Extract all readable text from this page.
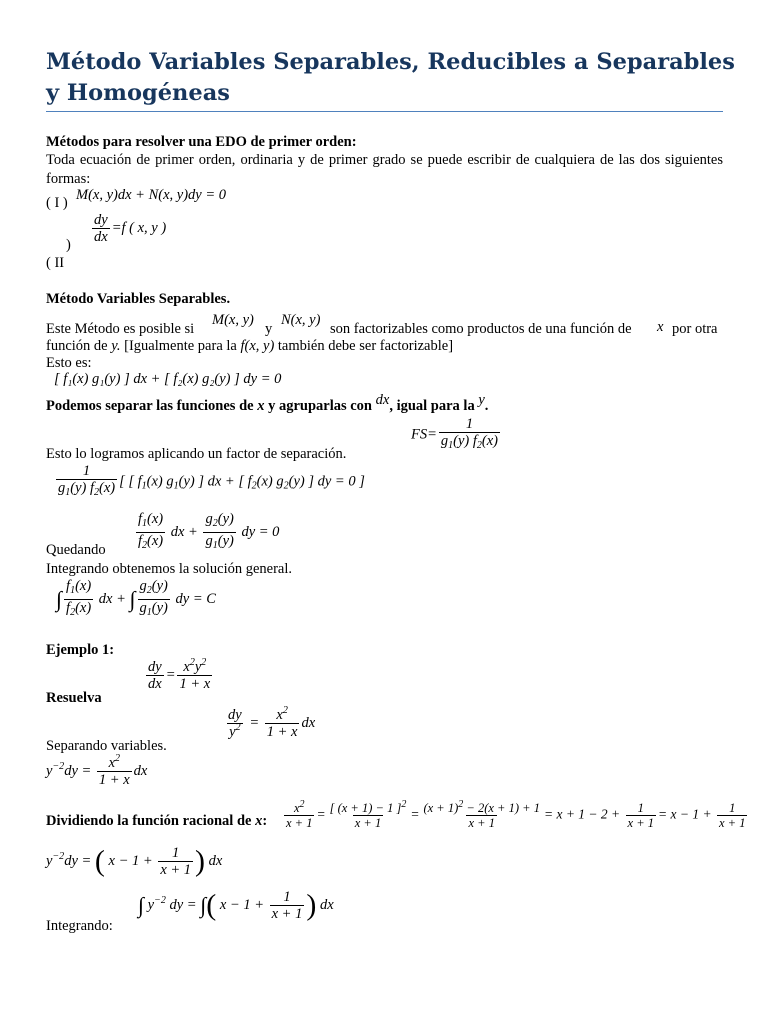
Método Variables Separables, Reducibles a Separables y Homogéneas
Métodos para resolver una EDO de primer orden:
Toda ecuación de primer orden, ordinaria y de primer grado se puede escribir de cualquiera de las dos siguientes formas:
( I ) M(x, y)dx + N(x, y)dy = 0
$\frac{dy}{dx} =f$ ( x, y )
)
( II
Método Variables Separables.
Este Método es posible si
M(x, y)
y
N(x, y)
son factorizables como productos de una función de x por otra
función de y. [Igualmente para la f(x, y) también debe ser factorizable]
Esto es:
[ f₁(x) g₁(y) ] dx + [ f₂(x) g₂(y) ] dy = 0
Podemos separar las funciones de x y agruparlas con dx, igual para la y.
$FS= \frac{1}{g_1(y) f_2(x)}$
Esto lo logramos aplicando un factor de separación.
$\frac{1}{g_1(y) f_2(x)}$ [ [ $f_1(x)$ $g_1(y)$ ] dx + [ $f_2(x)$ $g_2(y)$ ] dy = 0 ]
$\frac{f_1(x)}{f_2(x)}$ dx + $\frac{g_2(y)}{g_1(y)}$ dy = 0
Quedando
Integrando obtenemos la solución general.
∫ $\frac{f_1(x)}{f_2(x)}$ dx + ∫ $\frac{g_2(y)}{g_1(y)}$ dy = C
Ejemplo 1:
$\frac{dy}{dx} = \frac{x^2y^2}{1 + x}$
Resuelva
$\frac{dy}{y^2} = \frac{x^2}{1 + x}$ dx
Separando variables.
$y^{-2}dy = \frac{x^2}{1 + x}$ dx
Dividiendo la función racional de x: $\frac{x^2}{x + 1} = \frac{[ (x + 1) - 1 ]^2}{x + 1} = \frac{(x + 1)^2 - 2(x + 1) + 1}{x + 1} = x + 1 - 2 + \frac{1}{x + 1} = x - 1 + \frac{1}{x + 1}$
$y^{-2}dy$ = ( $x - 1 + \frac{1}{x + 1}$ ) dx
∫ $y^{-2}$ dy = ∫( $x - 1 + \frac{1}{x + 1}$ ) dx
Integrando:
